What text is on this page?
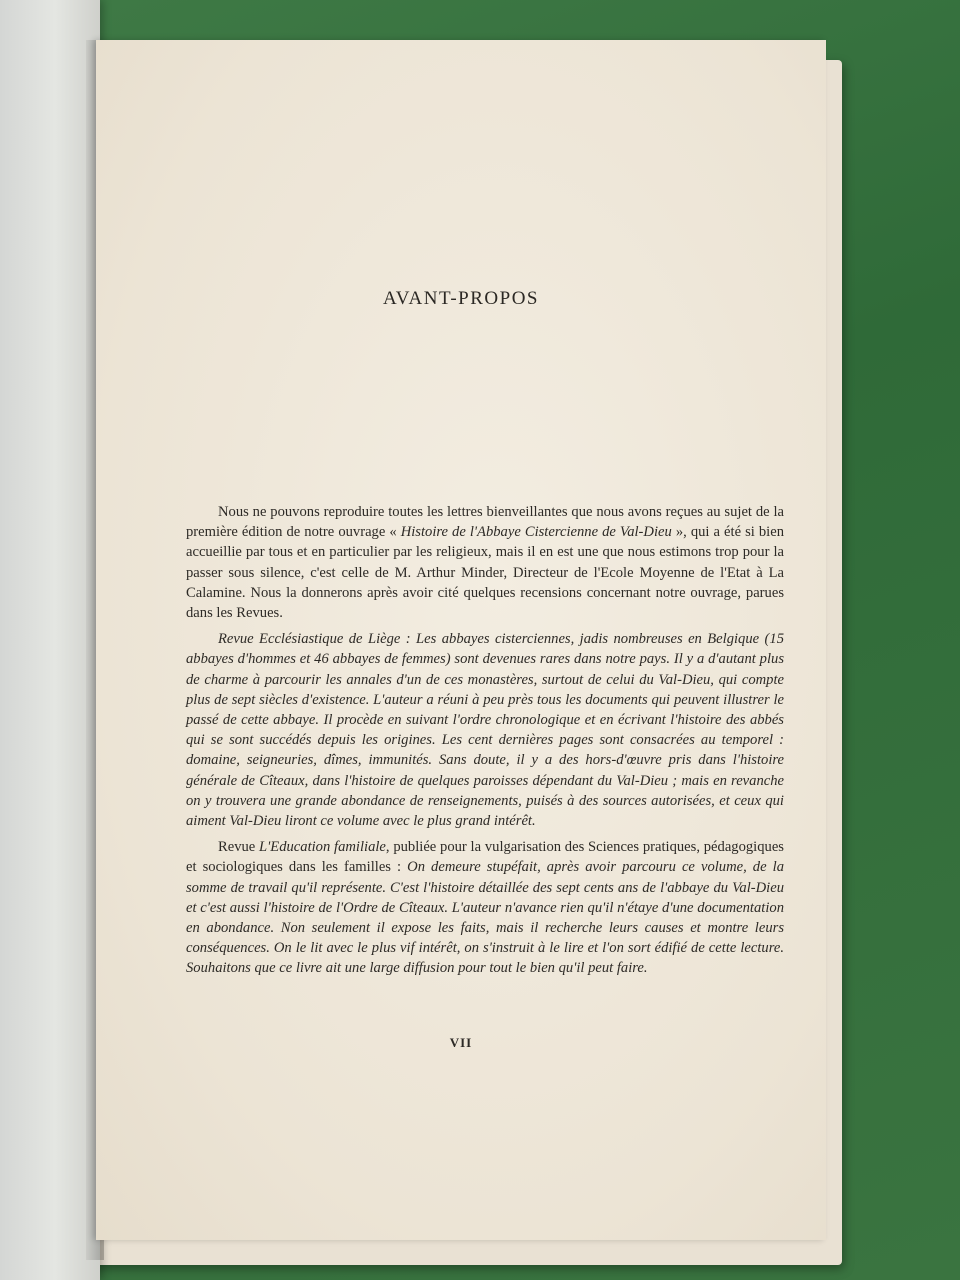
AVANT-PROPOS

Nous ne pouvons reproduire toutes les lettres bienveillantes que nous avons reçues au sujet de la première édition de notre ouvrage « Histoire de l'Abbaye Cistercienne de Val-Dieu », qui a été si bien accueillie par tous et en particulier par les religieux, mais il en est une que nous estimons trop pour la passer sous silence, c'est celle de M. Arthur Minder, Directeur de l'Ecole Moyenne de l'Etat à La Calamine. Nous la donnerons après avoir cité quelques recensions concernant notre ouvrage, parues dans les Revues.

Revue Ecclésiastique de Liège : Les abbayes cisterciennes, jadis nombreuses en Belgique (15 abbayes d'hommes et 46 abbayes de femmes) sont devenues rares dans notre pays. Il y a d'autant plus de charme à parcourir les annales d'un de ces monastères, surtout de celui du Val-Dieu, qui compte plus de sept siècles d'existence. L'auteur a réuni à peu près tous les documents qui peuvent illustrer le passé de cette abbaye. Il procède en suivant l'ordre chronologique et en écrivant l'histoire des abbés qui se sont succédés depuis les origines. Les cent dernières pages sont consacrées au temporel : domaine, seigneuries, dîmes, immunités. Sans doute, il y a des hors-d'œuvre pris dans l'histoire générale de Cîteaux, dans l'histoire de quelques paroisses dépendant du Val-Dieu ; mais en revanche on y trouvera une grande abondance de renseignements, puisés à des sources autorisées, et ceux qui aiment Val-Dieu liront ce volume avec le plus grand intérêt.

Revue L'Education familiale, publiée pour la vulgarisation des Sciences pratiques, pédagogiques et sociologiques dans les familles : On demeure stupéfait, après avoir parcouru ce volume, de la somme de travail qu'il représente. C'est l'histoire détaillée des sept cents ans de l'abbaye du Val-Dieu et c'est aussi l'histoire de l'Ordre de Cîteaux. L'auteur n'avance rien qu'il n'étaye d'une documentation en abondance. Non seulement il expose les faits, mais il recherche leurs causes et montre leurs conséquences. On le lit avec le plus vif intérêt, on s'instruit à le lire et l'on sort édifié de cette lecture. Souhaitons que ce livre ait une large diffusion pour tout le bien qu'il peut faire.

VII
